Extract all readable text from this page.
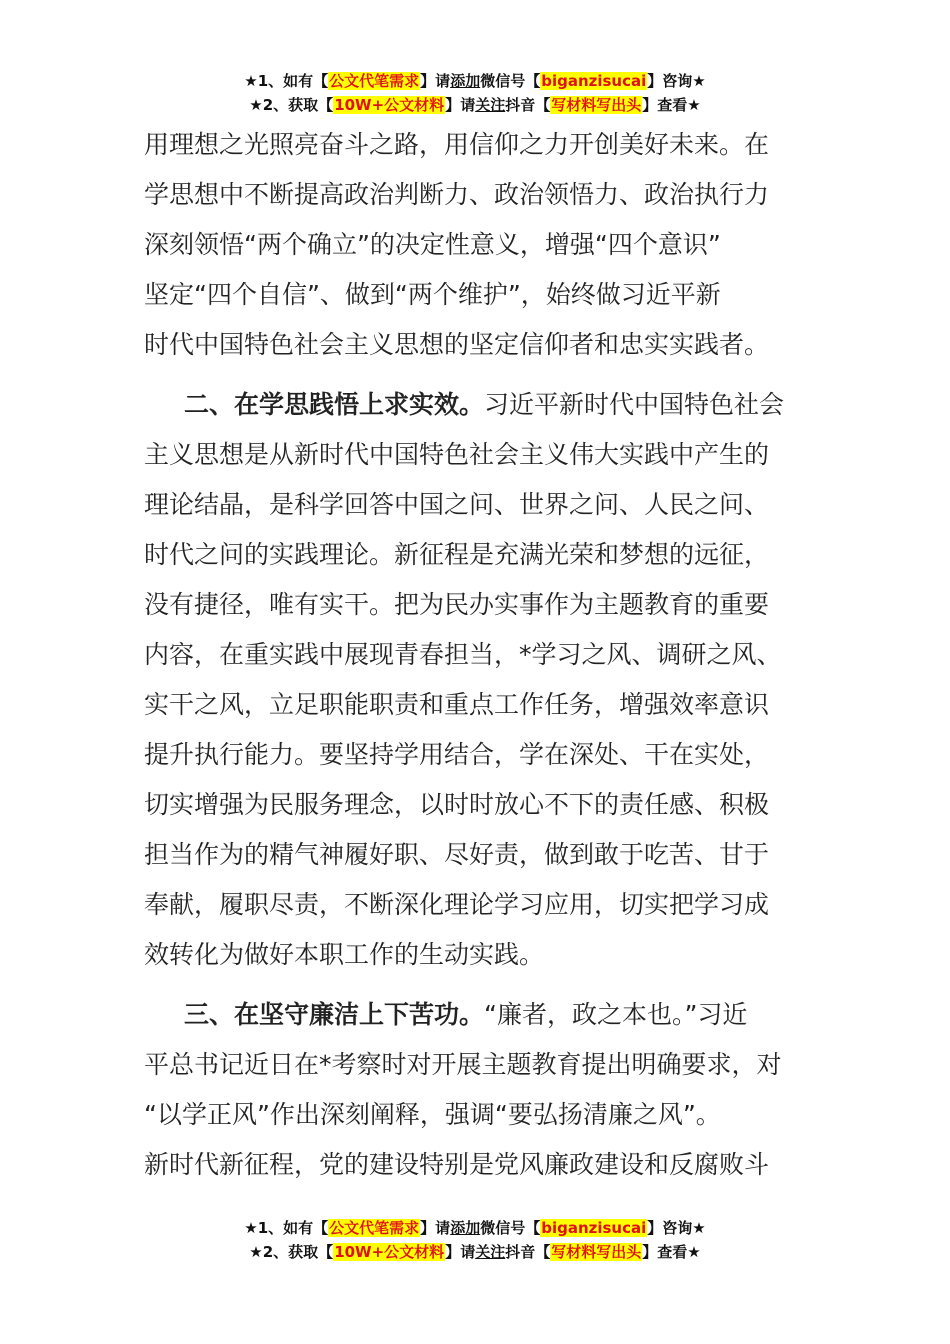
★1、如有【公文代笔需求】请添加微信号【biganzisucai】咨询★
★2、获取【10W+公文材料】请关注抖音【写材料写出头】查看★
用理想之光照亮奋斗之路，用信仰之力开创美好未来。在
学思想中不断提高政治判断力、政治领悟力、政治执行力
深刻领悟“两个确立”的决定性意义，增强“四个意识”
坚定“四个自信”、做到“两个维护”，始终做习近平新
时代中国特色社会主义思想的坚定信仰者和忠实实践者。
二、在学思践悟上求实效。习近平新时代中国特色社会
主义思想是从新时代中国特色社会主义伟大实践中产生的
理论结晶，是科学回答中国之问、世界之问、人民之问、
时代之问的实践理论。新征程是充满光荣和梦想的远征，
没有捷径，唯有实干。把为民办实事作为主题教育的重要
内容，在重实践中展现青春担当，*学习之风、调研之风、
实干之风，立足职能职责和重点工作任务，增强效率意识
提升执行能力。要坚持学用结合，学在深处、干在实处，
切实增强为民服务理念，以时时放心不下的责任感、积极
担当作为的精气神履好职、尽好责，做到敢于吃苦、甘于
奉献，履职尽责，不断深化理论学习应用，切实把学习成
效转化为做好本职工作的生动实践。
三、在坚守廉洁上下苦功。“廉者，政之本也。”习近
平总书记近日在*考察时对开展主题教育提出明确要求，对
“以学正风”作出深刻阐释，强调“要弘扬清廉之风”。
新时代新征程，党的建设特别是党风廉政建设和反腐败斗
★1、如有【公文代笔需求】请添加微信号【biganzisucai】咨询★
★2、获取【10W+公文材料】请关注抖音【写材料写出头】查看★
